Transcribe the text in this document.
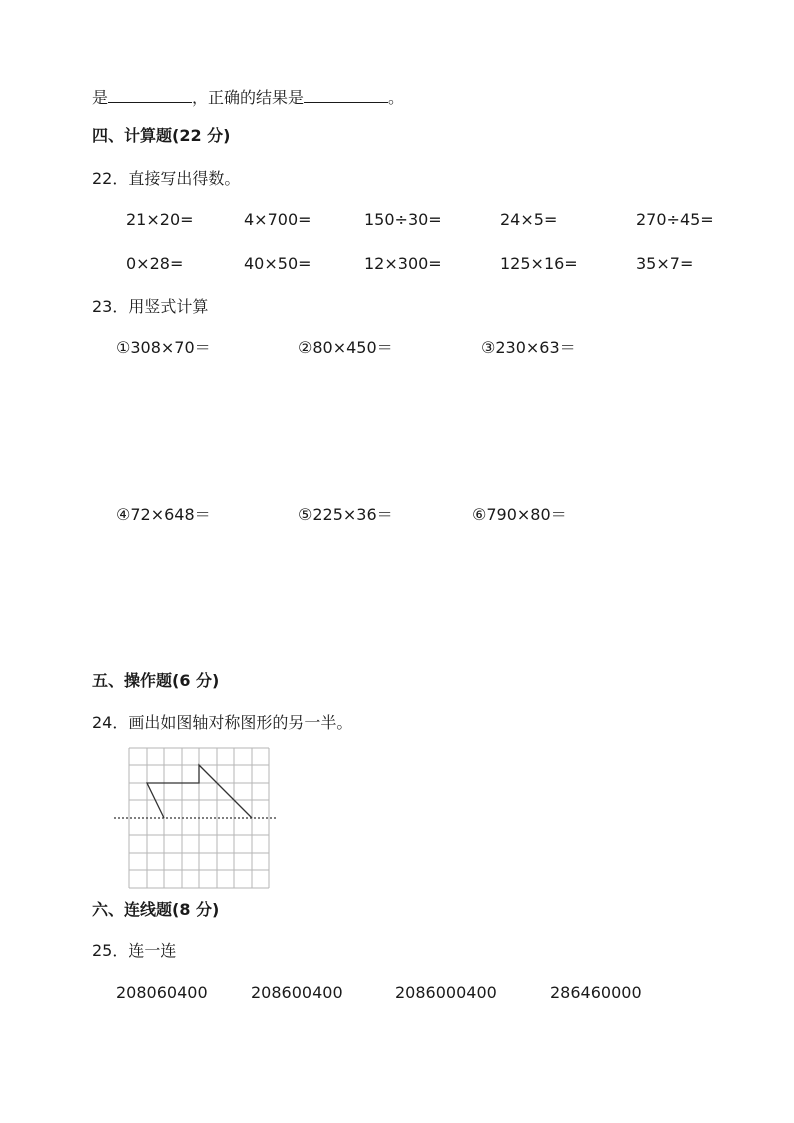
是	，正确的结果是	。
四、计算题(22 分)
22．直接写出得数。
21×20=	4×700=	150÷30=	24×5=	270÷45=
0×28=	40×50=	12×300=	125×16=	35×7=
23．用竖式计算
①308×70＝	②80×450＝	③230×63＝
④72×648＝	⑤225×36＝	⑥790×80＝
五、操作题(6 分)
24．画出如图轴对称图形的另一半。
六、连线题(8 分)
25．连一连
208060400	208600400	2086000400	286460000
